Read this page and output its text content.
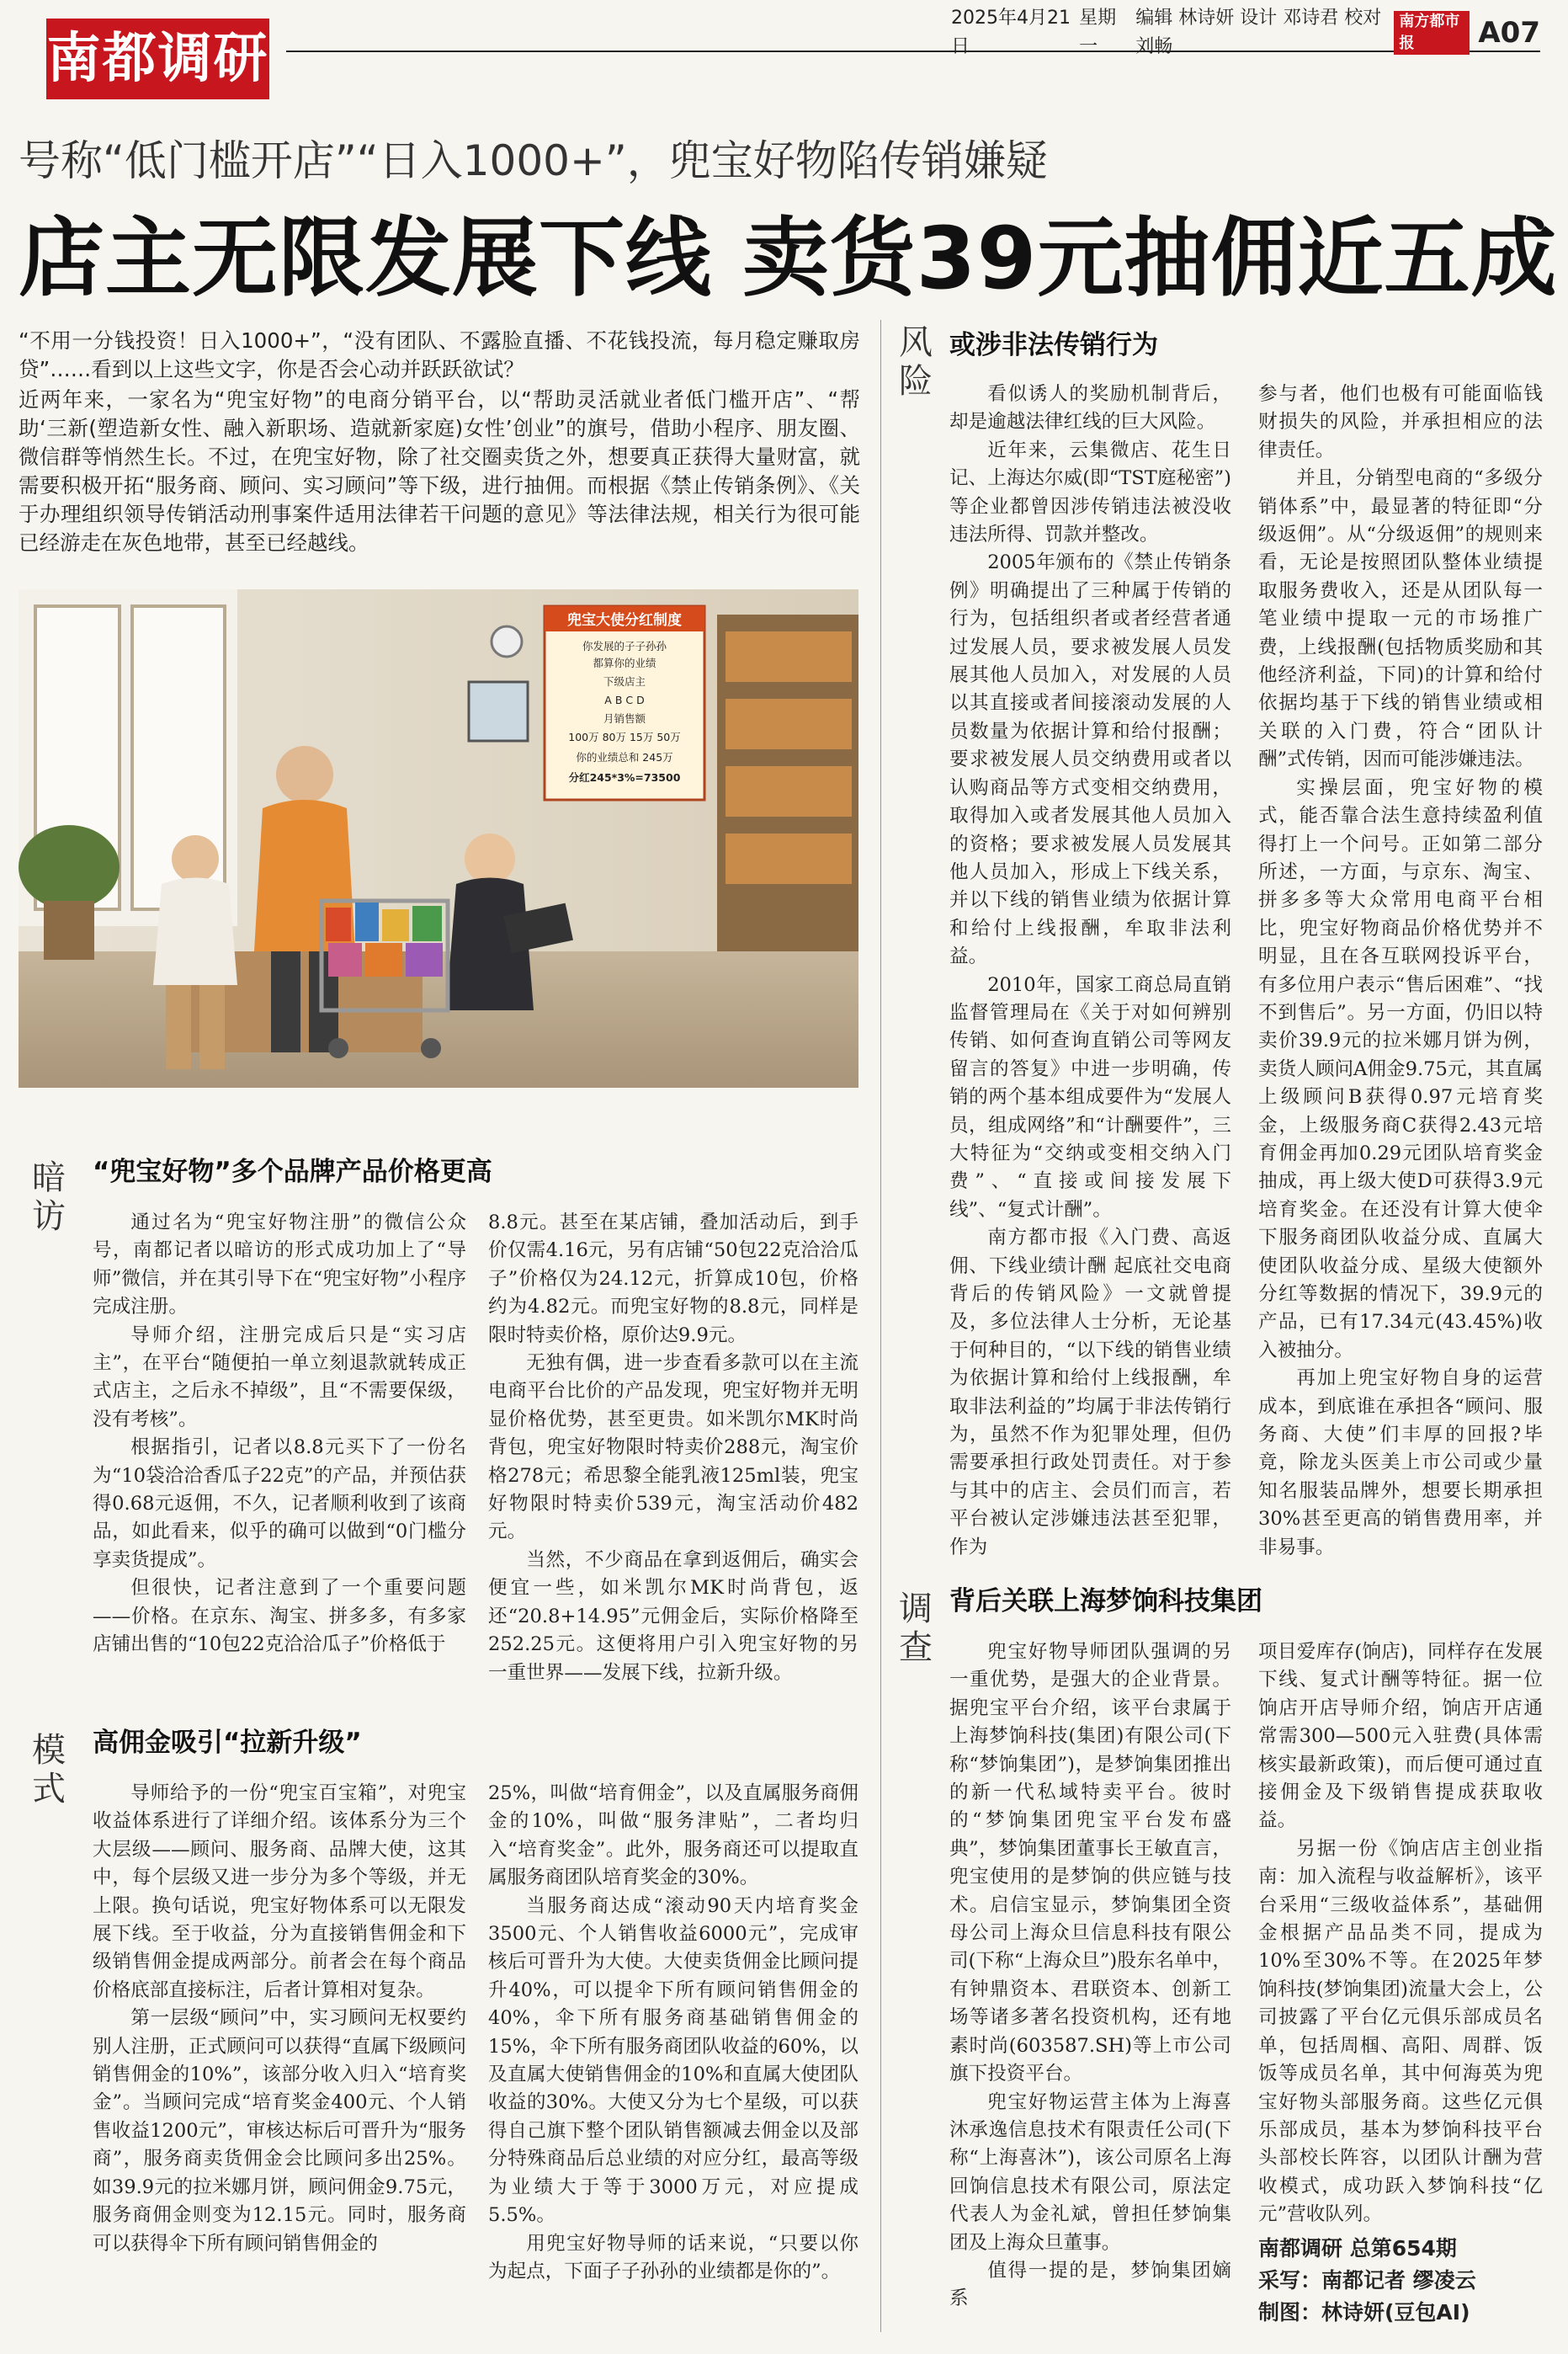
南都调研
2025年4月21日
星期一
编辑 林诗妍 设计 邓诗君 校对 刘畅
南方都市报	A07
号称“低门槛开店”“日入1000+”，兜宝好物陷传销嫌疑
店主无限发展下线 卖货39元抽佣近五成

“不用一分钱投资！日入1000+”，“没有团队、不露脸直播、不花钱投流，每月稳定赚取房贷”……看到以上这些文字，你是否会心动并跃跃欲试？

近两年来，一家名为“兜宝好物”的电商分销平台，以“帮助灵活就业者低门槛开店”、“帮助‘三新(塑造新女性、融入新职场、造就新家庭)女性’创业”的旗号，借助小程序、朋友圈、微信群等悄然生长。不过，在兜宝好物，除了社交圈卖货之外，想要真正获得大量财富，就需要积极开拓“服务商、顾问、实习顾问”等下级，进行抽佣。而根据《禁止传销条例》、《关于办理组织领导传销活动刑事案件适用法律若干问题的意见》等法律法规，相关行为很可能已经游走在灰色地带，甚至已经越线。

兜宝大使分红制度
你发展的子子孙孙
都算你的业绩
下级店主
A B C D
月销售额
100万 80万 15万 50万
你的业绩总和 245万
分红245*3%=73500
暗访
“兜宝好物”多个品牌产品价格更高

通过名为“兜宝好物注册”的微信公众号，南都记者以暗访的形式成功加上了“导师”微信，并在其引导下在“兜宝好物”小程序完成注册。

导师介绍，注册完成后只是“实习店主”，在平台“随便拍一单立刻退款就转成正式店主，之后永不掉级”，且“不需要保级，没有考核”。

根据指引，记者以8.8元买下了一份名为“10袋洽洽香瓜子22克”的产品，并预估获得0.68元返佣，不久，记者顺利收到了该商品，如此看来，似乎的确可以做到“0门槛分享卖货提成”。

但很快，记者注意到了一个重要问题——价格。在京东、淘宝、拼多多，有多家店铺出售的“10包22克洽洽瓜子”价格低于

8.8元。甚至在某店铺，叠加活动后，到手价仅需4.16元，另有店铺“50包22克洽洽瓜子”价格仅为24.12元，折算成10包，价格约为4.82元。而兜宝好物的8.8元，同样是限时特卖价格，原价达9.9元。

无独有偶，进一步查看多款可以在主流电商平台比价的产品发现，兜宝好物并无明显价格优势，甚至更贵。如米凯尔MK时尚背包，兜宝好物限时特卖价288元，淘宝价格278元；希思黎全能乳液125ml装，兜宝好物限时特卖价539元，淘宝活动价482元。

当然，不少商品在拿到返佣后，确实会便宜一些，如米凯尔MK时尚背包，返还“20.8+14.95”元佣金后，实际价格降至252.25元。这便将用户引入兜宝好物的另一重世界——发展下线，拉新升级。

模式
高佣金吸引“拉新升级”

导师给予的一份“兜宝百宝箱”，对兜宝收益体系进行了详细介绍。该体系分为三个大层级——顾问、服务商、品牌大使，这其中，每个层级又进一步分为多个等级，并无上限。换句话说，兜宝好物体系可以无限发展下线。至于收益，分为直接销售佣金和下级销售佣金提成两部分。前者会在每个商品价格底部直接标注，后者计算相对复杂。

第一层级“顾问”中，实习顾问无权要约别人注册，正式顾问可以获得“直属下级顾问销售佣金的10%”，该部分收入归入“培育奖金”。当顾问完成“培育奖金400元、个人销售收益1200元”，审核达标后可晋升为“服务商”，服务商卖货佣金会比顾问多出25%。如39.9元的拉米娜月饼，顾问佣金9.75元，服务商佣金则变为12.15元。同时，服务商可以获得伞下所有顾问销售佣金的

25%，叫做“培育佣金”，以及直属服务商佣金的10%，叫做“服务津贴”，二者均归入“培育奖金”。此外，服务商还可以提取直属服务商团队培育奖金的30%。

当服务商达成“滚动90天内培育奖金3500元、个人销售收益6000元”，完成审核后可晋升为大使。大使卖货佣金比顾问提升40%，可以提伞下所有顾问销售佣金的40%，伞下所有服务商基础销售佣金的15%，伞下所有服务商团队收益的60%，以及直属大使销售佣金的10%和直属大使团队收益的30%。大使又分为七个星级，可以获得自己旗下整个团队销售额减去佣金以及部分特殊商品后总业绩的对应分红，最高等级为业绩大于等于3000万元，对应提成5.5%。

用兜宝好物导师的话来说，“只要以你为起点，下面子子孙孙的业绩都是你的”。

风险
或涉非法传销行为

看似诱人的奖励机制背后，却是逾越法律红线的巨大风险。

近年来，云集微店、花生日记、上海达尔威(即“TST庭秘密”)等企业都曾因涉传销违法被没收违法所得、罚款并整改。

2005年颁布的《禁止传销条例》明确提出了三种属于传销的行为，包括组织者或者经营者通过发展人员，要求被发展人员发展其他人员加入，对发展的人员以其直接或者间接滚动发展的人员数量为依据计算和给付报酬；要求被发展人员交纳费用或者以认购商品等方式变相交纳费用，取得加入或者发展其他人员加入的资格；要求被发展人员发展其他人员加入，形成上下线关系，并以下线的销售业绩为依据计算和给付上线报酬，牟取非法利益。

2010年，国家工商总局直销监督管理局在《关于对如何辨别传销、如何查询直销公司等网友留言的答复》中进一步明确，传销的两个基本组成要件为“发展人员，组成网络”和“计酬要件”，三大特征为“交纳或变相交纳入门费”、“直接或间接发展下线”、“复式计酬”。

南方都市报《入门费、高返佣、下线业绩计酬 起底社交电商背后的传销风险》一文就曾提及，多位法律人士分析，无论基于何种目的，“以下线的销售业绩为依据计算和给付上线报酬，牟取非法利益的”均属于非法传销行为，虽然不作为犯罪处理，但仍需要承担行政处罚责任。对于参与其中的店主、会员们而言，若平台被认定涉嫌违法甚至犯罪，作为

参与者，他们也极有可能面临钱财损失的风险，并承担相应的法律责任。

并且，分销型电商的“多级分销体系”中，最显著的特征即“分级返佣”。从“分级返佣”的规则来看，无论是按照团队整体业绩提取服务费收入，还是从团队每一笔业绩中提取一元的市场推广费，上线报酬(包括物质奖励和其他经济利益，下同)的计算和给付依据均基于下线的销售业绩或相关联的入门费，符合“团队计酬”式传销，因而可能涉嫌违法。

实操层面，兜宝好物的模式，能否靠合法生意持续盈利值得打上一个问号。正如第二部分所述，一方面，与京东、淘宝、拼多多等大众常用电商平台相比，兜宝好物商品价格优势并不明显，且在各互联网投诉平台，有多位用户表示“售后困难”、“找不到售后”。另一方面，仍旧以特卖价39.9元的拉米娜月饼为例，卖货人顾问A佣金9.75元，其直属上级顾问B获得0.97元培育奖金，上级服务商C获得2.43元培育佣金再加0.29元团队培育奖金抽成，再上级大使D可获得3.9元培育奖金。在还没有计算大使伞下服务商团队收益分成、直属大使团队收益分成、星级大使额外分红等数据的情况下，39.9元的产品，已有17.34元(43.45%)收入被抽分。

再加上兜宝好物自身的运营成本，到底谁在承担各“顾问、服务商、大使”们丰厚的回报?毕竟，除龙头医美上市公司或少量知名服装品牌外，想要长期承担30%甚至更高的销售费用率，并非易事。

调查
背后关联上海梦饷科技集团

兜宝好物导师团队强调的另一重优势，是强大的企业背景。据兜宝平台介绍，该平台隶属于上海梦饷科技(集团)有限公司(下称“梦饷集团”)，是梦饷集团推出的新一代私域特卖平台。彼时的“梦饷集团兜宝平台发布盛典”，梦饷集团董事长王敏直言，兜宝使用的是梦饷的供应链与技术。启信宝显示，梦饷集团全资母公司上海众旦信息科技有限公司(下称“上海众旦”)股东名单中，有钟鼎资本、君联资本、创新工场等诸多著名投资机构，还有地素时尚(603587.SH)等上市公司旗下投资平台。

兜宝好物运营主体为上海喜沐承逸信息技术有限责任公司(下称“上海喜沐”)，该公司原名上海回饷信息技术有限公司，原法定代表人为金礼斌，曾担任梦饷集团及上海众旦董事。

值得一提的是，梦饷集团嫡系

项目爱库存(饷店)，同样存在发展下线、复式计酬等特征。据一位饷店开店导师介绍，饷店开店通常需300—500元入驻费(具体需核实最新政策)，而后便可通过直接佣金及下级销售提成获取收益。

另据一份《饷店店主创业指南：加入流程与收益解析》，该平台采用“三级收益体系”，基础佣金根据产品品类不同，提成为10%至30%不等。在2025年梦饷科技(梦饷集团)流量大会上，公司披露了平台亿元俱乐部成员名单，包括周椢、高阳、周群、饭饭等成员名单，其中何海英为兜宝好物头部服务商。这些亿元俱乐部成员，基本为梦饷科技平台头部校长阵容，以团队计酬为营收模式，成功跃入梦饷科技“亿元”营收队列。

南都调研 总第654期
采写：南都记者 缪凌云
制图：林诗妍(豆包AI)
